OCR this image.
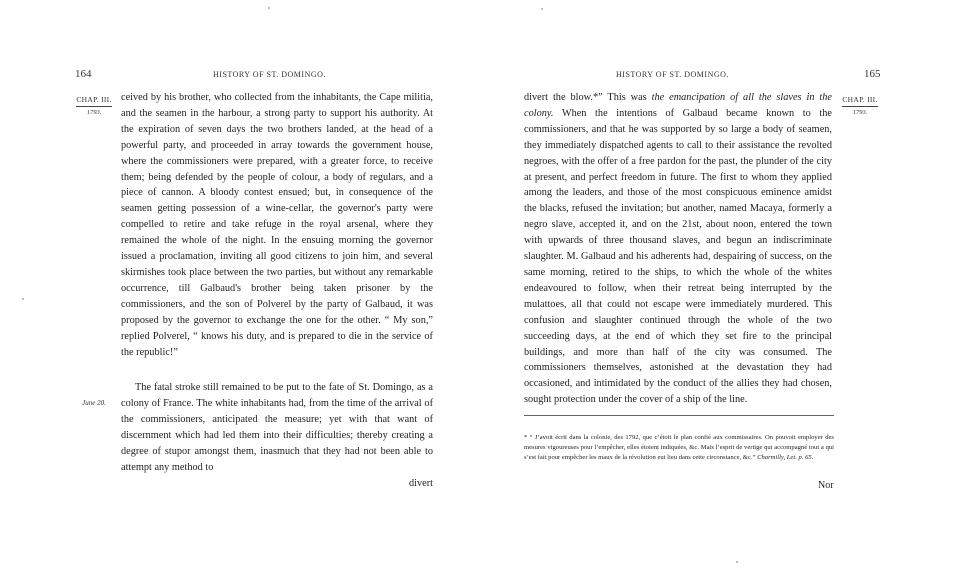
164	HISTORY OF ST. DOMINGO.
CHAP. III.
1793.
June 20.

ceived by his brother, who collected from the inhabitants, the Cape militia, and the seamen in the harbour, a strong party to support his authority. At the expiration of seven days the two brothers landed, at the head of a powerful party, and proceeded in array towards the government house, where the commissioners were prepared, with a greater force, to receive them; being defended by the people of colour, a body of regulars, and a piece of cannon. A bloody contest ensued; but, in consequence of the seamen getting possession of a wine-cellar, the governor's party were compelled to retire and take refuge in the royal arsenal, where they remained the whole of the night. In the ensuing morning the governor issued a proclamation, inviting all good citizens to join him, and several skirmishes took place between the two parties, but without any remarkable occurrence, till Galbaud's brother being taken prisoner by the commissioners, and the son of Polverel by the party of Galbaud, it was proposed by the governor to exchange the one for the other. “ My son,” replied Polverel, “ knows his duty, and is prepared to die in the service of the republic!”

The fatal stroke still remained to be put to the fate of St. Domingo, as a colony of France. The white inhabitants had, from the time of the arrival of the commissioners, anticipated the measure; yet with that want of discernment which had led them into their difficulties; thereby creating a degree of stupor amongst them, inasmuch that they had not been able to attempt any method to

divert

HISTORY OF ST. DOMINGO.	165
CHAP. III.
1793.

divert the blow.*” This was the emancipation of all the slaves in the colony. When the intentions of Galbaud became known to the commissioners, and that he was supported by so large a body of seamen, they immediately dispatched agents to call to their assistance the revolted negroes, with the offer of a free pardon for the past, the plunder of the city at present, and perfect freedom in future. The first to whom they applied among the leaders, and those of the most conspicuous eminence amidst the blacks, refused the invitation; but another, named Macaya, formerly a negro slave, accepted it, and on the 21st, about noon, entered the town with upwards of three thousand slaves, and begun an indiscriminate slaughter. M. Galbaud and his adherents had, despairing of success, on the same morning, retired to the ships, to which the whole of the whites endeavoured to follow, when their retreat being interrupted by the mulattoes, all that could not escape were immediately murdered. This confusion and slaughter continued through the whole of the two succeeding days, at the end of which they set fire to the principal buildings, and more than half of the city was consumed. The commissioners themselves, astonished at the devastation they had occasioned, and intimidated by the conduct of the allies they had chosen, sought protection under the cover of a ship of the line.

* “ J’avoit écrit dans la colonie, des 1792, que c’étoit le plan confié aux commissaires. On pouvoit employer des mesures vigoureuses pour l’empêcher, elles étoient indiquées, &c. Mais l’esprit de vertige qui accompagné tout a qui s’est fait pour empêcher les maux de la révolution eut lieu dans cette circonstance, &c.” Charmilly, Let. p. 65.
Nor
